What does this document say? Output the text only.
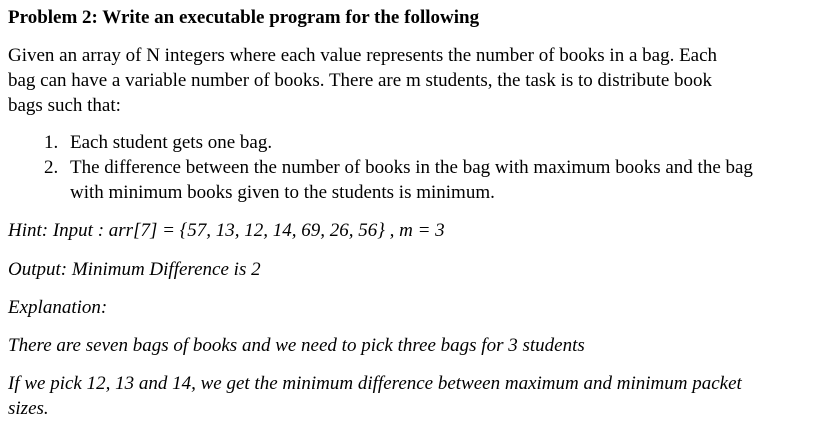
Problem 2: Write an executable program for the following

Given an array of N integers where each value represents the number of books in a bag. Each
bag can have a variable number of books. There are m students, the task is to distribute book
bags such that:

1. Each student gets one bag.
2. The difference between the number of books in the bag with maximum books and the bag
with minimum books given to the students is minimum.
Hint: Input : arr[7] = {57, 13, 12, 14, 69, 26, 56} , m = 3
Output: Minimum Difference is 2
Explanation:
There are seven bags of books and we need to pick three bags for 3 students
If we pick 12, 13 and 14, we get the minimum difference between maximum and minimum packet
sizes.
